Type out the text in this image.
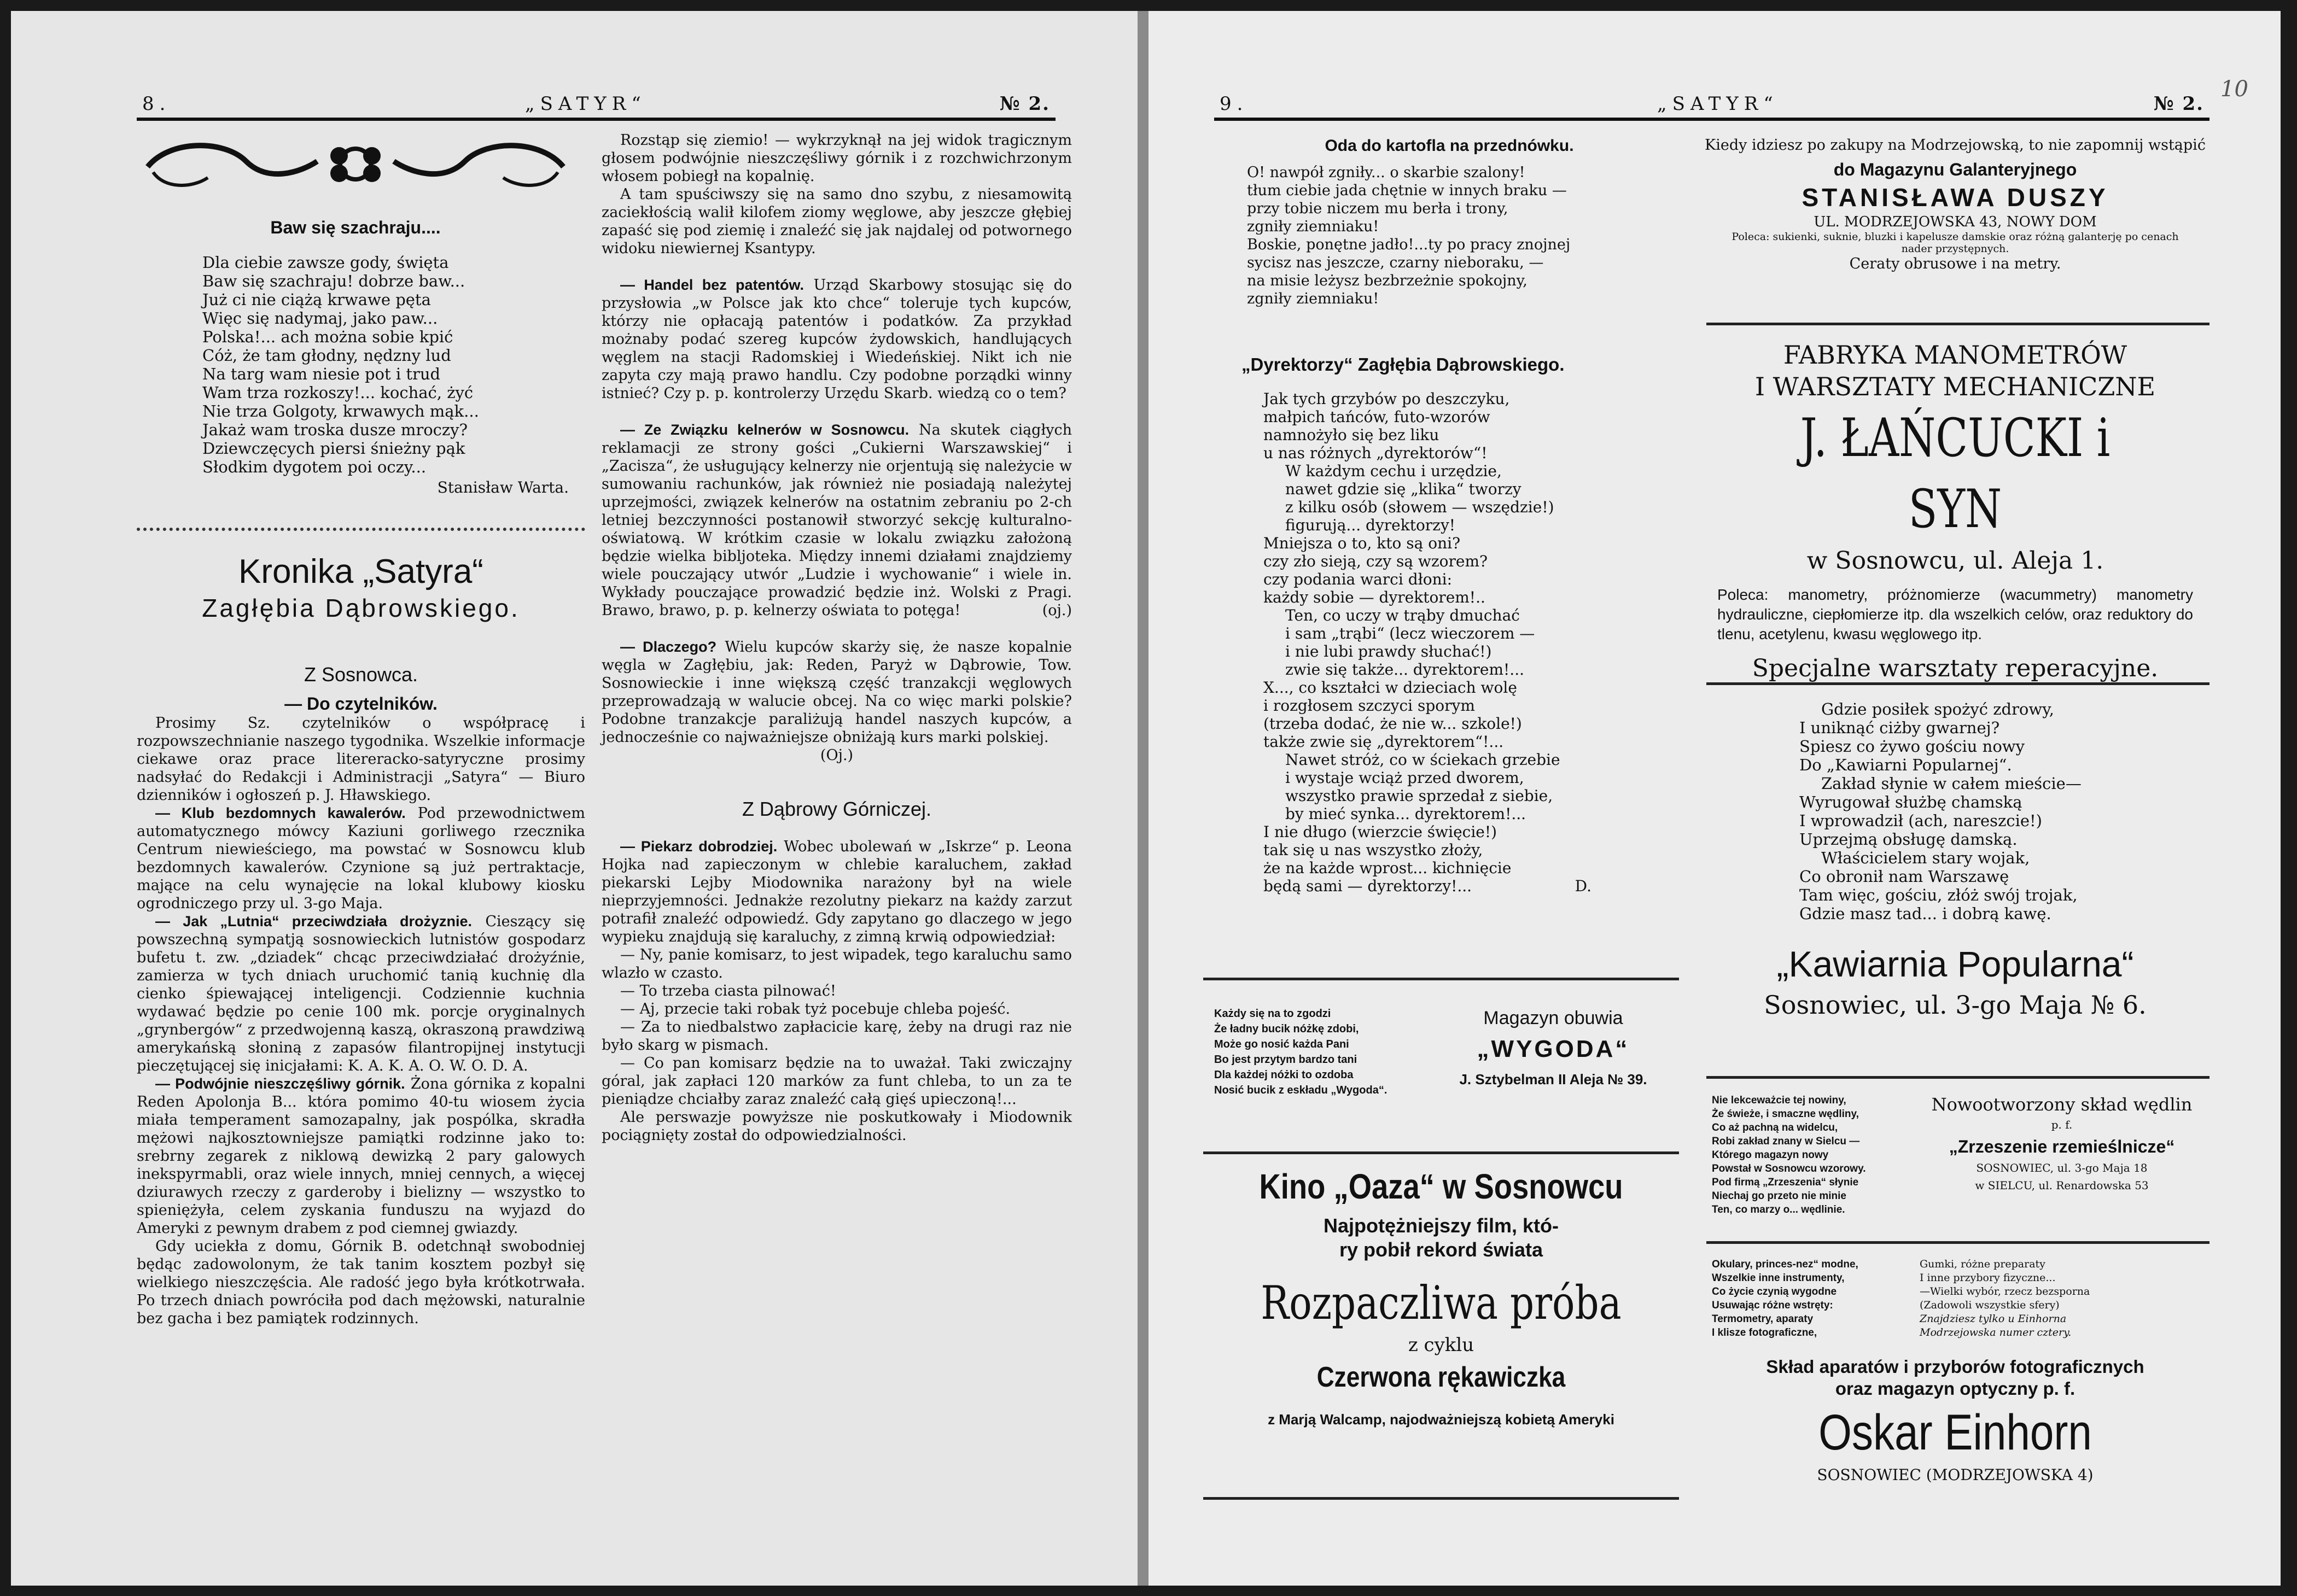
8.	„SATYR“	№ 2.
Baw się szachraju....
Dla ciebie zawsze gody, święta
Baw się szachraju! dobrze baw...
Już ci nie ciążą krwawe pęta
Więc się nadymaj, jako paw...
Polska!... ach można sobie kpić
Cóż, że tam głodny, nędzny lud
Na targ wam niesie pot i trud
Wam trza rozkoszy!... kochać, żyć
Nie trza Golgoty, krwawych mąk...
Jakaż wam troska dusze mroczy?
Dziewczęcych piersi śnieżny pąk
Słodkim dygotem poi oczy...
Stanisław Warta.
Kronika „Satyra“
Zagłębia Dąbrowskiego.
Z Sosnowca.
— Do czytelników.

Prosimy Sz. czytelników o współpracę i rozpowszechnianie naszego tygodnika. Wszelkie informacje ciekawe oraz prace litereracko-satyryczne prosimy nadsyłać do Redakcji i Administracji „Satyra“ — Biuro dzienników i ogłoszeń p. J. Hławskiego.

— Klub bezdomnych kawalerów. Pod przewodnictwem automatycznego mówcy Kaziuni gorliwego rzecznika Centrum niewieściego, ma powstać w Sosnowcu klub bezdomnych kawalerów. Czynione są już pertraktacje, mające na celu wynajęcie na lokal klubowy kiosku ogrodniczego przy ul. 3-go Maja.

— Jak „Lutnia“ przeciwdziała drożyznie. Cieszący się powszechną sympatją sosnowieckich lutnistów gospodarz bufetu t. zw. „dziadek“ chcąc przeciwdziałać drożyźnie, zamierza w tych dniach uruchomić tanią kuchnię dla cienko śpiewającej inteligencji. Codziennie kuchnia wydawać będzie po cenie 100 mk. porcje oryginalnych „grynbergów“ z przedwojenną kaszą, okraszoną prawdziwą amerykańską słoniną z zapasów filantropijnej instytucji pieczętującej się inicjałami: K. A. K. A. O. W. O. D. A.

— Podwójnie nieszczęśliwy górnik. Żona górnika z kopalni Reden Apolonja B... która pomimo 40-tu wiosem życia miała temperament samozapalny, jak pospólka, skradła mężowi najkosztowniejsze pamiątki rodzinne jako to: srebrny zegarek z niklową dewizką 2 pary galowych inekspyrmabli, oraz wiele innych, mniej cennych, a więcej dziurawych rzeczy z garderoby i bielizny — wszystko to spieniężyła, celem zyskania funduszu na wyjazd do Ameryki z pewnym drabem z pod ciemnej gwiazdy.

Gdy uciekła z domu, Górnik B. odetchnął swobodniej będąc zadowolonym, że tak tanim kosztem pozbył się wielkiego nieszczęścia. Ale radość jego była krótkotrwała. Po trzech dniach powróciła pod dach mężowski, naturalnie bez gacha i bez pamiątek rodzinnych.

Rozstąp się ziemio! — wykrzyknął na jej widok tragicznym głosem podwójnie nieszczęśliwy górnik i z rozchwichrzonym włosem pobiegł na kopalnię.

A tam spuściwszy się na samo dno szybu, z niesamowitą zaciekłością walił kilofem ziomy węglowe, aby jeszcze głębiej zapaść się pod ziemię i znaleźć się jak najdalej od potwornego widoku niewiernej Ksantypy.

— Handel bez patentów. Urząd Skarbowy stosując się do przysłowia „w Polsce jak kto chce“ toleruje tych kupców, którzy nie opłacają patentów i podatków. Za przykład możnaby podać szereg kupców żydowskich, handlujących węglem na stacji Radomskiej i Wiedeńskiej. Nikt ich nie zapyta czy mają prawo handlu. Czy podobne porządki winny istnieć? Czy p. p. kontrolerzy Urzędu Skarb. wiedzą co o tem?

— Ze Związku kelnerów w Sosnowcu. Na skutek ciągłych reklamacji ze strony gości „Cukierni Warszawskiej“ i „Zacisza“, że usługujący kelnerzy nie orjentują się należycie w sumowaniu rachunków, jak również nie posiadają należytej uprzejmości, związek kelnerów na ostatnim zebraniu po 2-ch letniej bezczynności postanowił stworzyć sekcję kulturalno-oświatową. W krótkim czasie w lokalu związku założoną będzie wielka bibljoteka. Między innemi działami znajdziemy wiele pouczający utwór „Ludzie i wychowanie“ i wiele in. Wykłady pouczające prowadzić będzie inż. Wolski z Pragi. Brawo, brawo, p. p. kelnerzy oświata to potęga!	(oj.)

— Dlaczego? Wielu kupców skarży się, że nasze kopalnie węgla w Zagłębiu, jak: Reden, Paryż w Dąbrowie, Tow. Sosnowieckie i inne większą część tranzakcji węglowych przeprowadzają w walucie obcej. Na co więc marki polskie? Podobne tranzakcje paraliżują handel naszych kupców, a jednocześnie co najważniejsze obniżają kurs marki polskiej.

(Oj.)
Z Dąbrowy Górniczej.

— Piekarz dobrodziej. Wobec ubolewań w „Iskrze“ p. Leona Hojka nad zapieczonym w chlebie karaluchem, zakład piekarski Lejby Miodownika narażony był na wiele nieprzyjemności. Jednakże rezolutny piekarz na każdy zarzut potrafił znaleźć odpowiedź. Gdy zapytano go dlaczego w jego wypieku znajdują się karaluchy, z zimną krwią odpowiedział:

— Ny, panie komisarz, to jest wipadek, tego karaluchu samo wlazło w czasto.

— To trzeba ciasta pilnować!

— Aj, przecie taki robak tyż pocebuje chleba pojeść.

— Za to niedbalstwo zapłacicie karę, żeby na drugi raz nie było skarg w pismach.

— Co pan komisarz będzie na to uważał. Taki zwiczajny góral, jak zapłaci 120 marków za funt chleba, to un za te pieniądze chciałby zaraz znaleźć całą gięś upieczoną!...

Ale perswazje powyższe nie poskutkowały i Miodownik pociągnięty został do odpowiedzialności.

9.	„SATYR“	№ 2.
10
Oda do kartofla na przednówku.
O! nawpół zgniły... o skarbie szalony!
tłum ciebie jada chętnie w innych braku —
przy tobie niczem mu berła i trony,
zgniły ziemniaku!
Boskie, ponętne jadło!...ty po pracy znojnej
sycisz nas jeszcze, czarny nieboraku, —
na misie leżysz bezbrzeżnie spokojny,
zgniły ziemniaku!
„Dyrektorzy“ Zagłębia Dąbrowskiego.
Jak tych grzybów po deszczyku,
małpich tańców, futo-wzorów
namnożyło się bez liku
u nas różnych „dyrektorów“!
W każdym cechu i urzędzie,
nawet gdzie się „klika“ tworzy
z kilku osób (słowem — wszędzie!)
figurują... dyrektorzy!
Mniejsza o to, kto są oni?
czy zło sieją, czy są wzorem?
czy podania warci dłoni:
każdy sobie — dyrektorem!..
Ten, co uczy w trąby dmuchać
i sam „trąbi“ (lecz wieczorem —
i nie lubi prawdy słuchać!)
zwie się także... dyrektorem!...
X..., co kształci w dzieciach wolę
i rozgłosem szczyci sporym
(trzeba dodać, że nie w... szkole!)
także zwie się „dyrektorem“!...
Nawet stróż, co w ściekach grzebie
i wystaje wciąż przed dworem,
wszystko prawie sprzedał z siebie,
by mieć synka... dyrektorem!...
I nie długo (wierzcie święcie!)
tak się u nas wszystko złoży,
że na każde wprost... kichnięcie
będą sami — dyrektorzy!...	D.
Każdy się na to zgodzi
Że ładny bucik nóżkę zdobi,
Może go nosić każda Pani
Bo jest przytym bardzo tani
Dla każdej nóżki to ozdoba
Nosić bucik z eskładu „Wygoda“.
Magazyn obuwia
„WYGODA“
J. Sztybelman II Aleja № 39.
Kino „Oaza“ w Sosnowcu
Najpotężniejszy film, któ-
ry pobił rekord świata
Rozpaczliwa próba
z cyklu
Czerwona rękawiczka
z Marją Walcamp, najodważniejszą kobietą Ameryki
Kiedy idziesz po zakupy na Modrzejowską, to nie zapomnij wstąpić
do Magazynu Galanteryjnego
STANISŁAWA DUSZY
UL. MODRZEJOWSKA 43, NOWY DOM
Poleca: sukienki, suknie, bluzki i kapelusze damskie oraz różną galanterję po cenach nader przystępnych.
Ceraty obrusowe i na metry.
FABRYKA MANOMETRÓW
I WARSZTATY MECHANICZNE
J. ŁAŃCUCKI i SYN
w Sosnowcu, ul. Aleja 1.
Poleca: manometry, próżnomierze (wacummetry) manometry hydrauliczne, ciepłomierze itp. dla wszelkich celów, oraz reduktory do tlenu, acetylenu, kwasu węglowego itp.
Specjalne warsztaty reperacyjne.
Gdzie posiłek spożyć zdrowy,
I uniknąć ciżby gwarnej?
Spiesz co żywo gościu nowy
Do „Kawiarni Popularnej“.
Zakład słynie w całem mieście—
Wyrugował służbę chamską
I wprowadził (ach, nareszcie!)
Uprzejmą obsługę damską.
Właścicielem stary wojak,
Co obronił nam Warszawę
Tam więc, gościu, złóż swój trojak,
Gdzie masz tad... i dobrą kawę.
„Kawiarnia Popularna“
Sosnowiec, ul. 3-go Maja № 6.
Nie lekceważcie tej nowiny,
Że świeże, i smaczne wędliny,
Co aż pachną na widelcu,
Robi zakład znany w Sielcu —
Którego magazyn nowy
Powstał w Sosnowcu wzorowy.
Pod firmą „Zrzeszenia“ słynie
Niechaj go przeto nie minie
Ten, co marzy o... wędlinie.
Nowootworzony skład wędlin
p. f.
„Zrzeszenie rzemieślnicze“
SOSNOWIEC, ul. 3-go Maja 18
w SIELCU, ul. Renardowska 53
Okulary, princes-nez“ modne,
Wszelkie inne instrumenty,
Co życie czynią wygodne
Usuwając różne wstręty:
Termometry, aparaty
I klisze fotograficzne,
Gumki, różne preparaty
I inne przybory fizyczne...
—Wielki wybór, rzecz bezsporna
(Zadowoli wszystkie sfery)
Znajdziesz tylko u Einhorna
Modrzejowska numer cztery.
Skład aparatów i przyborów fotograficznych
oraz magazyn optyczny p. f.
Oskar Einhorn
SOSNOWIEC (MODRZEJOWSKA 4)
